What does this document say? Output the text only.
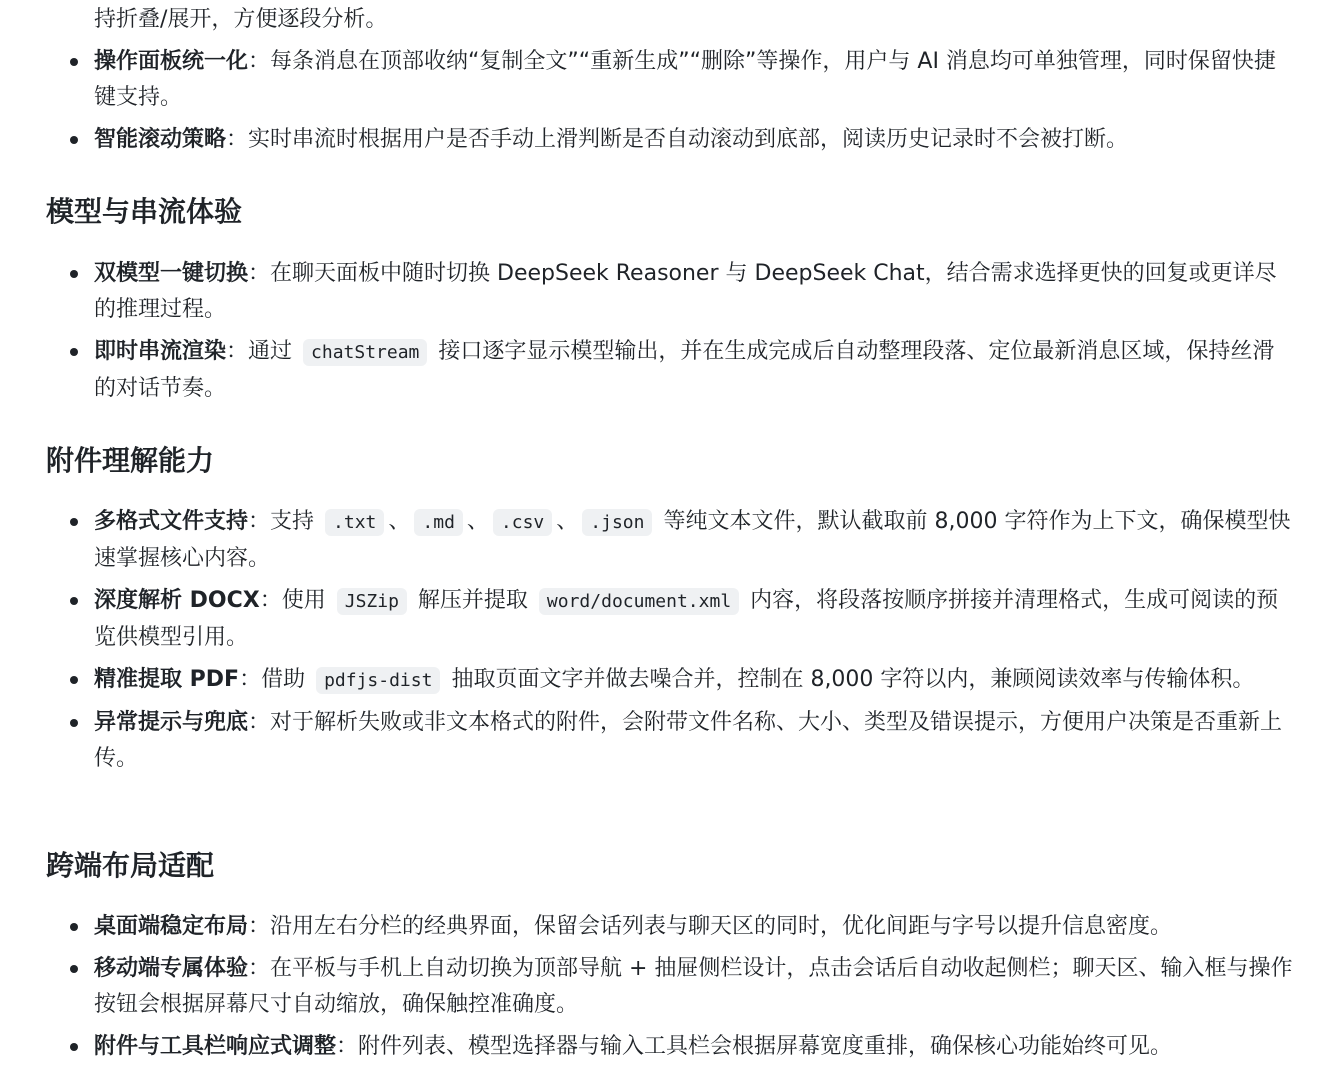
持折叠/展开，方便逐段分析。

操作面板统一化：每条消息在顶部收纳“复制全文”“重新生成”“删除”等操作，用户与 AI 消息均可单独管理，同时保留快捷键支持。
智能滚动策略：实时串流时根据用户是否手动上滑判断是否自动滚动到底部，阅读历史记录时不会被打断。
模型与串流体验
双模型一键切换：在聊天面板中随时切换 DeepSeek Reasoner 与 DeepSeek Chat，结合需求选择更快的回复或更详尽的推理过程。
即时串流渲染：通过 chatStream 接口逐字显示模型输出，并在生成完成后自动整理段落、定位最新消息区域，保持丝滑的对话节奏。
附件理解能力
多格式文件支持：支持 .txt 、 .md 、 .csv 、 .json 等纯文本文件，默认截取前 8,000 字符作为上下文，确保模型快速掌握核心内容。
深度解析 DOCX：使用 JSZip 解压并提取 word/document.xml 内容，将段落按顺序拼接并清理格式，生成可阅读的预览供模型引用。
精准提取 PDF：借助 pdfjs-dist 抽取页面文字并做去噪合并，控制在 8,000 字符以内，兼顾阅读效率与传输体积。
异常提示与兜底：对于解析失败或非文本格式的附件，会附带文件名称、大小、类型及错误提示，方便用户决策是否重新上传。
跨端布局适配
桌面端稳定布局：沿用左右分栏的经典界面，保留会话列表与聊天区的同时，优化间距与字号以提升信息密度。
移动端专属体验：在平板与手机上自动切换为顶部导航 + 抽屉侧栏设计，点击会话后自动收起侧栏；聊天区、输入框与操作按钮会根据屏幕尺寸自动缩放，确保触控准确度。
附件与工具栏响应式调整：附件列表、模型选择器与输入工具栏会根据屏幕宽度重排，确保核心功能始终可见。
